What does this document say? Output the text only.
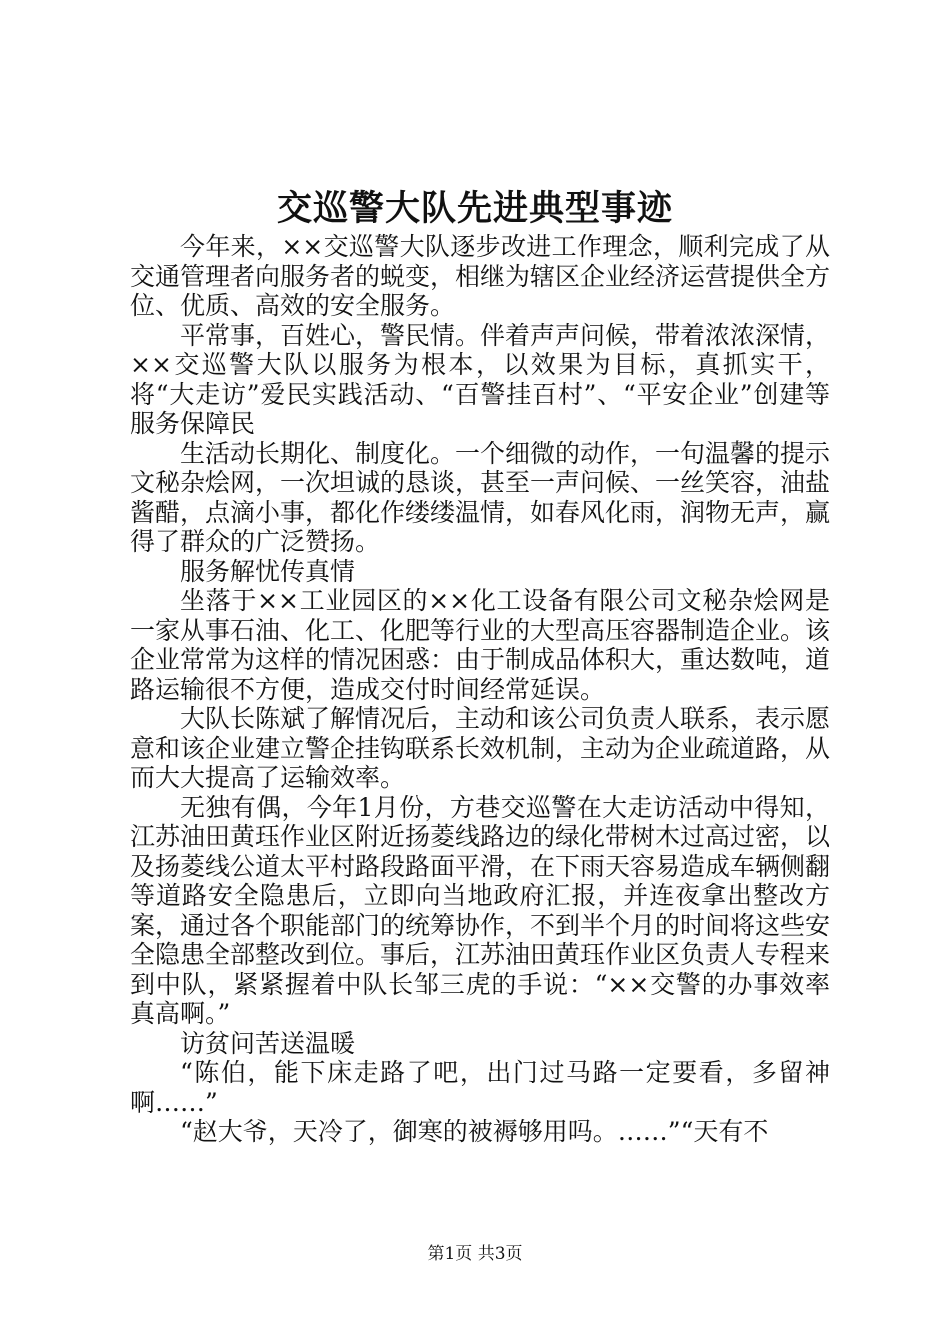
交巡警大队先进典型事迹

今年来，××交巡警大队逐步改进工作理念，顺利完成了从交通管理者向服务者的蜕变，相继为辖区企业经济运营提供全方位、优质、高效的安全服务。

平常事，百姓心，警民情。伴着声声问候，带着浓浓深情，××交巡警大队以服务为根本，以效果为目标，真抓实干，将“大走访”爱民实践活动、“百警挂百村”、“平安企业”创建等服务保障民

生活动长期化、制度化。一个细微的动作，一句温馨的提示文秘杂烩网，一次坦诚的恳谈，甚至一声问候、一丝笑容，油盐酱醋，点滴小事，都化作缕缕温情，如春风化雨，润物无声，赢得了群众的广泛赞扬。

服务解忧传真情

坐落于××工业园区的××化工设备有限公司文秘杂烩网是一家从事石油、化工、化肥等行业的大型高压容器制造企业。该企业常常为这样的情况困惑：由于制成品体积大，重达数吨，道路运输很不方便，造成交付时间经常延误。

大队长陈斌了解情况后，主动和该公司负责人联系，表示愿意和该企业建立警企挂钩联系长效机制，主动为企业疏道路，从而大大提高了运输效率。

无独有偶，今年1月份，方巷交巡警在大走访活动中得知，江苏油田黄珏作业区附近扬菱线路边的绿化带树木过高过密，以及扬菱线公道太平村路段路面平滑，在下雨天容易造成车辆侧翻等道路安全隐患后，立即向当地政府汇报，并连夜拿出整改方案，通过各个职能部门的统筹协作，不到半个月的时间将这些安全隐患全部整改到位。事后，江苏油田黄珏作业区负责人专程来到中队，紧紧握着中队长邹三虎的手说：“××交警的办事效率真高啊。”

访贫问苦送温暖

“陈伯，能下床走路了吧，出门过马路一定要看，多留神啊……”

“赵大爷，天冷了，御寒的被褥够用吗。……”“天有不

第1页 共3页
